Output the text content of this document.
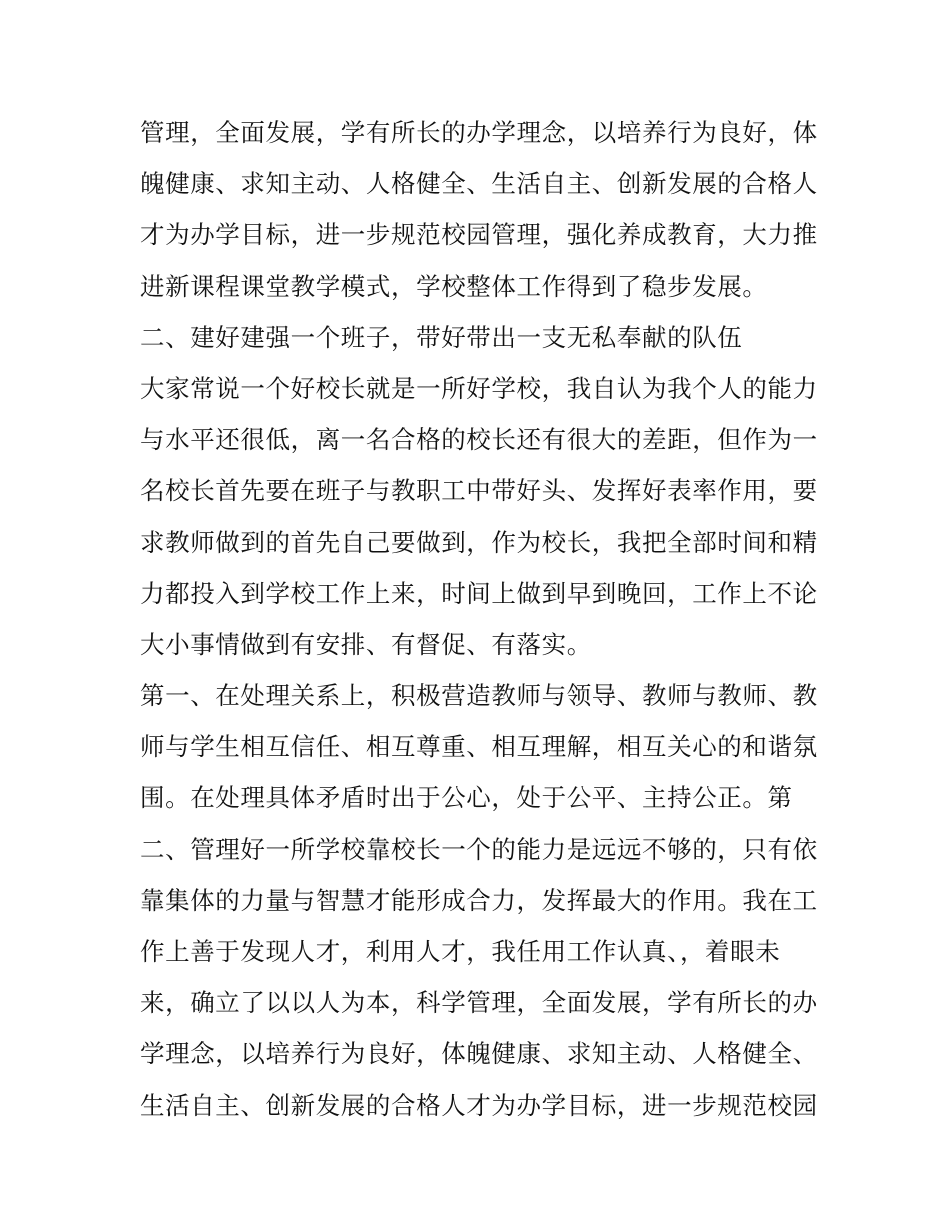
管理，全面发展，学有所长的办学理念，以培养行为良好，体
魄健康、求知主动、人格健全、生活自主、创新发展的合格人
才为办学目标，进一步规范校园管理，强化养成教育，大力推
进新课程课堂教学模式，学校整体工作得到了稳步发展。
二、建好建强一个班子，带好带出一支无私奉献的队伍
大家常说一个好校长就是一所好学校，我自认为我个人的能力
与水平还很低，离一名合格的校长还有很大的差距，但作为一
名校长首先要在班子与教职工中带好头、发挥好表率作用，要
求教师做到的首先自己要做到，作为校长，我把全部时间和精
力都投入到学校工作上来，时间上做到早到晚回，工作上不论
大小事情做到有安排、有督促、有落实。
第一、在处理关系上，积极营造教师与领导、教师与教师、教
师与学生相互信任、相互尊重、相互理解，相互关心的和谐氛
围。在处理具体矛盾时出于公心，处于公平、主持公正。第
二、管理好一所学校靠校长一个的能力是远远不够的，只有依
靠集体的力量与智慧才能形成合力，发挥最大的作用。我在工
作上善于发现人才，利用人才，我任用工作认真、，着眼未
来，确立了以以人为本，科学管理，全面发展，学有所长的办
学理念，以培养行为良好，体魄健康、求知主动、人格健全、
生活自主、创新发展的合格人才为办学目标，进一步规范校园
